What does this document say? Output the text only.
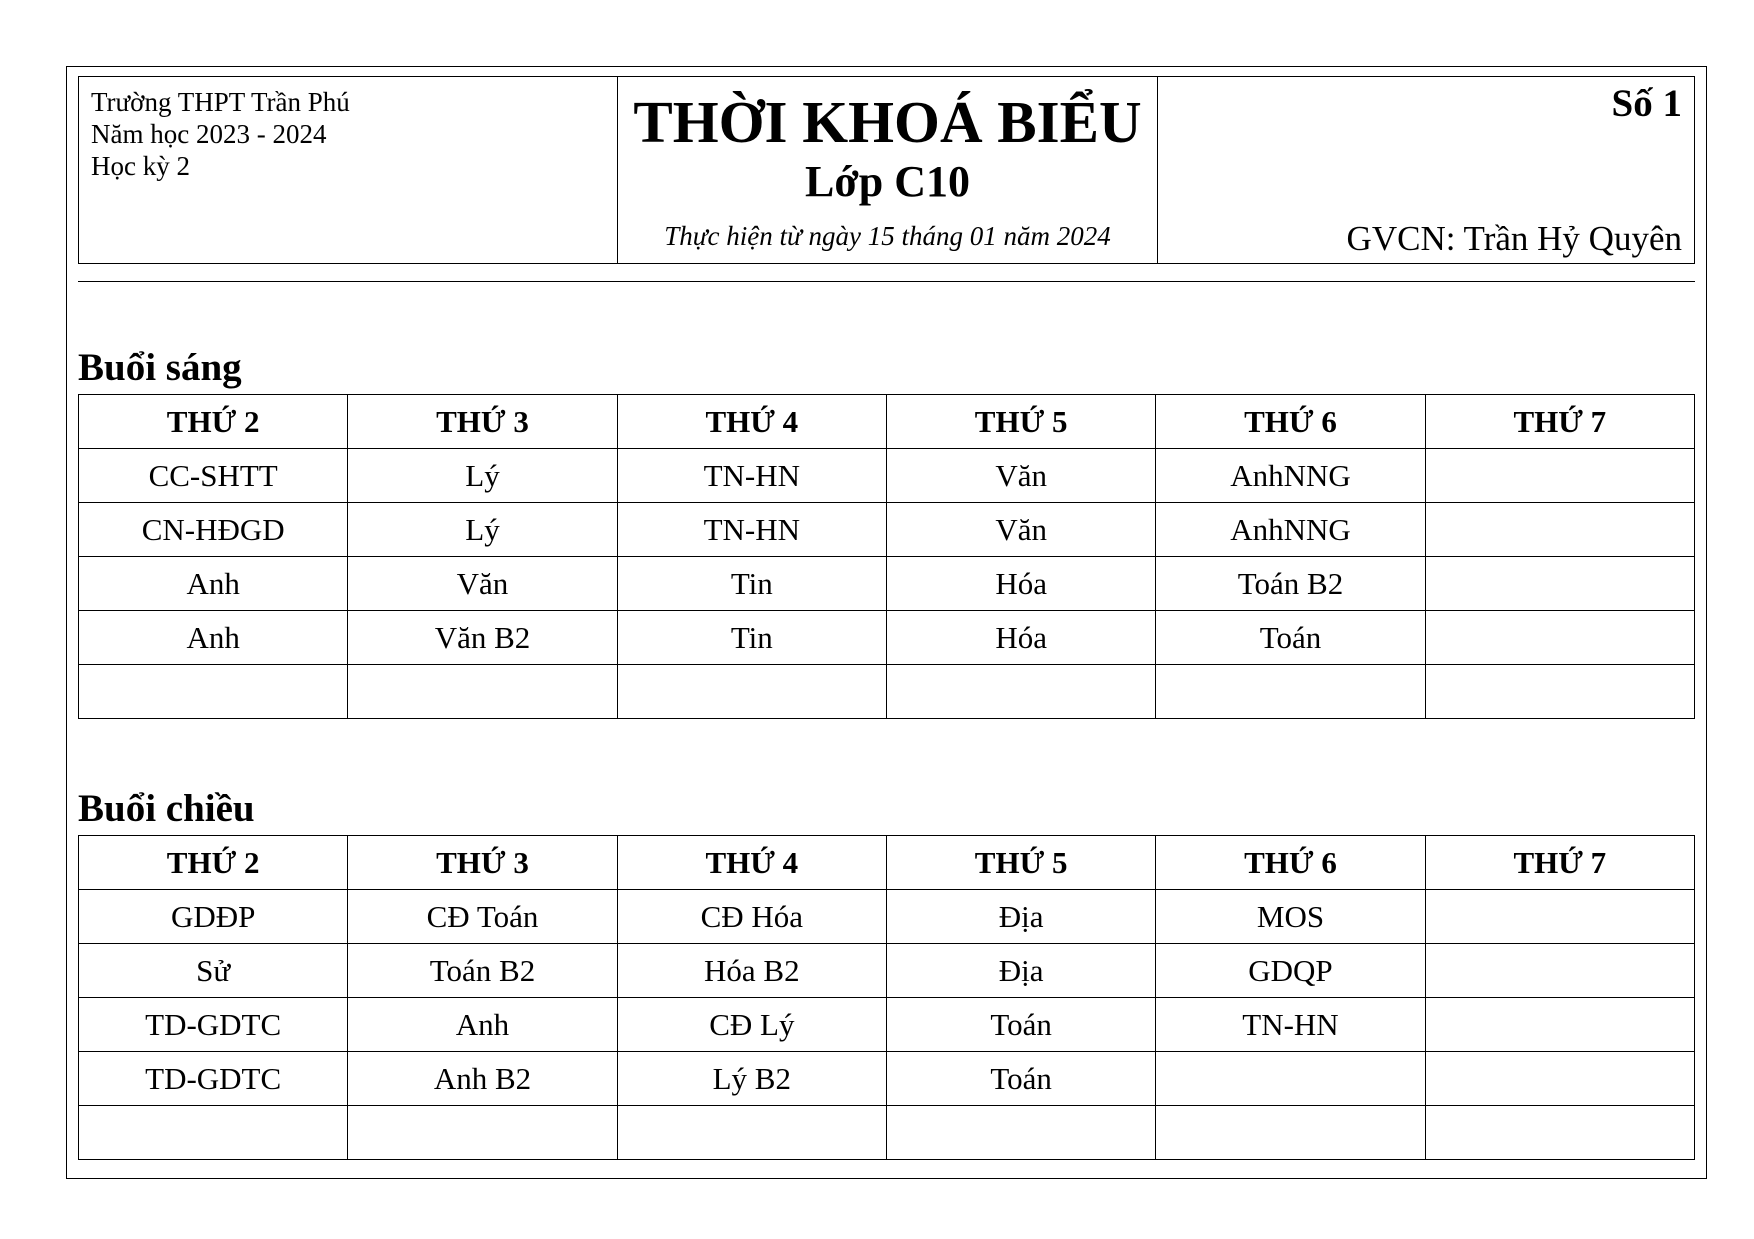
Trường THPT Trần Phú
Năm học 2023 - 2024
Học kỳ 2
THỜI KHOÁ BIỂU
Lớp C10
Thực hiện từ ngày 15 tháng 01 năm 2024
Số 1
GVCN: Trần Hỷ Quyên
Buổi sáng
THỨ 2	THỨ 3	THỨ 4	THỨ 5	THỨ 6	THỨ 7
CC-SHTT	Lý	TN-HN	Văn	AnhNNG	
CN-HĐGD	Lý	TN-HN	Văn	AnhNNG	
Anh	Văn	Tin	Hóa	Toán B2	
Anh	Văn B2	Tin	Hóa	Toán	

Buổi chiều
THỨ 2	THỨ 3	THỨ 4	THỨ 5	THỨ 6	THỨ 7
GDĐP	CĐ Toán	CĐ Hóa	Địa	MOS	
Sử	Toán B2	Hóa B2	Địa	GDQP	
TD-GDTC	Anh	CĐ Lý	Toán	TN-HN	
TD-GDTC	Anh B2	Lý B2	Toán		
